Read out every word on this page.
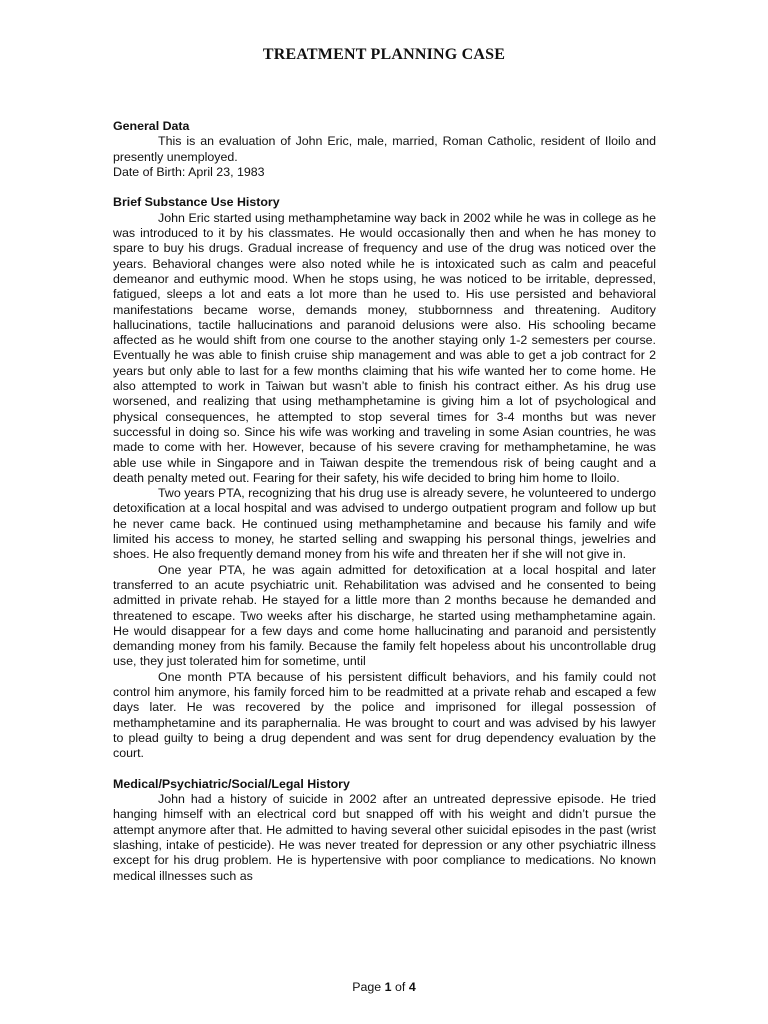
TREATMENT PLANNING CASE

General Data

This is an evaluation of John Eric, male, married, Roman Catholic, resident of Iloilo and presently unemployed.

Date of Birth: April 23, 1983

Brief Substance Use History

John Eric started using methamphetamine way back in 2002 while he was in college as he was introduced to it by his classmates. He would occasionally then and when he has money to spare to buy his drugs. Gradual increase of frequency and use of the drug was noticed over the years. Behavioral changes were also noted while he is intoxicated such as calm and peaceful demeanor and euthymic mood. When he stops using, he was noticed to be irritable, depressed, fatigued, sleeps a lot and eats a lot more than he used to. His use persisted and behavioral manifestations became worse, demands money, stubbornness and threatening. Auditory hallucinations, tactile hallucinations and paranoid delusions were also. His schooling became affected as he would shift from one course to the another staying only 1-2 semesters per course. Eventually he was able to finish cruise ship management and was able to get a job contract for 2 years but only able to last for a few months claiming that his wife wanted her to come home. He also attempted to work in Taiwan but wasn’t able to finish his contract either. As his drug use worsened, and realizing that using methamphetamine is giving him a lot of psychological and physical consequences, he attempted to stop several times for 3-4 months but was never successful in doing so. Since his wife was working and traveling in some Asian countries, he was made to come with her. However, because of his severe craving for methamphetamine, he was able use while in Singapore and in Taiwan despite the tremendous risk of being caught and a death penalty meted out. Fearing for their safety, his wife decided to bring him home to Iloilo.

Two years PTA, recognizing that his drug use is already severe, he volunteered to undergo detoxification at a local hospital and was advised to undergo outpatient program and follow up but he never came back. He continued using methamphetamine and because his family and wife limited his access to money, he started selling and swapping his personal things, jewelries and shoes. He also frequently demand money from his wife and threaten her if she will not give in.

One year PTA, he was again admitted for detoxification at a local hospital and later transferred to an acute psychiatric unit. Rehabilitation was advised and he consented to being admitted in private rehab. He stayed for a little more than 2 months because he demanded and threatened to escape. Two weeks after his discharge, he started using methamphetamine again. He would disappear for a few days and come home hallucinating and paranoid and persistently demanding money from his family. Because the family felt hopeless about his uncontrollable drug use, they just tolerated him for sometime, until

One month PTA because of his persistent difficult behaviors, and his family could not control him anymore, his family forced him to be readmitted at a private rehab and escaped a few days later. He was recovered by the police and imprisoned for illegal possession of methamphetamine and its paraphernalia. He was brought to court and was advised by his lawyer to plead guilty to being a drug dependent and was sent for drug dependency evaluation by the court.

Medical/Psychiatric/Social/Legal History

John had a history of suicide in 2002 after an untreated depressive episode. He tried hanging himself with an electrical cord but snapped off with his weight and didn’t pursue the attempt anymore after that. He admitted to having several other suicidal episodes in the past (wrist slashing, intake of pesticide). He was never treated for depression or any other psychiatric illness except for his drug problem. He is hypertensive with poor compliance to medications. No known medical illnesses such as

Page 1 of 4
